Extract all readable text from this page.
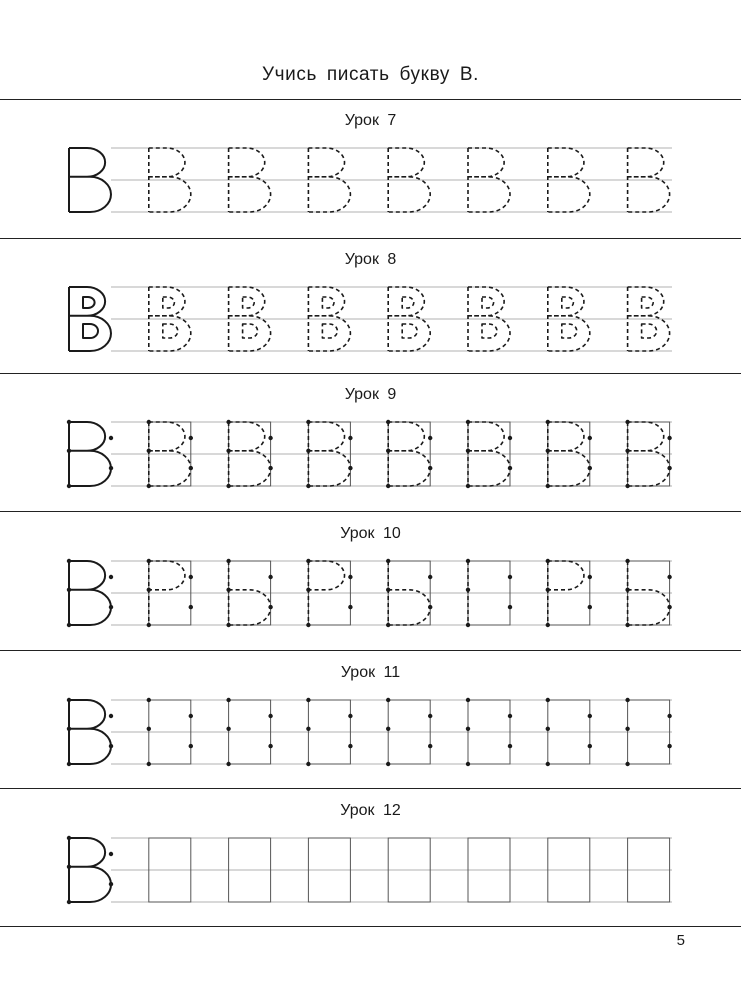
Учись писать букву В.
Урок 7
Урок 8
Урок 9
Урок 10
Урок 11
Урок 12
5
